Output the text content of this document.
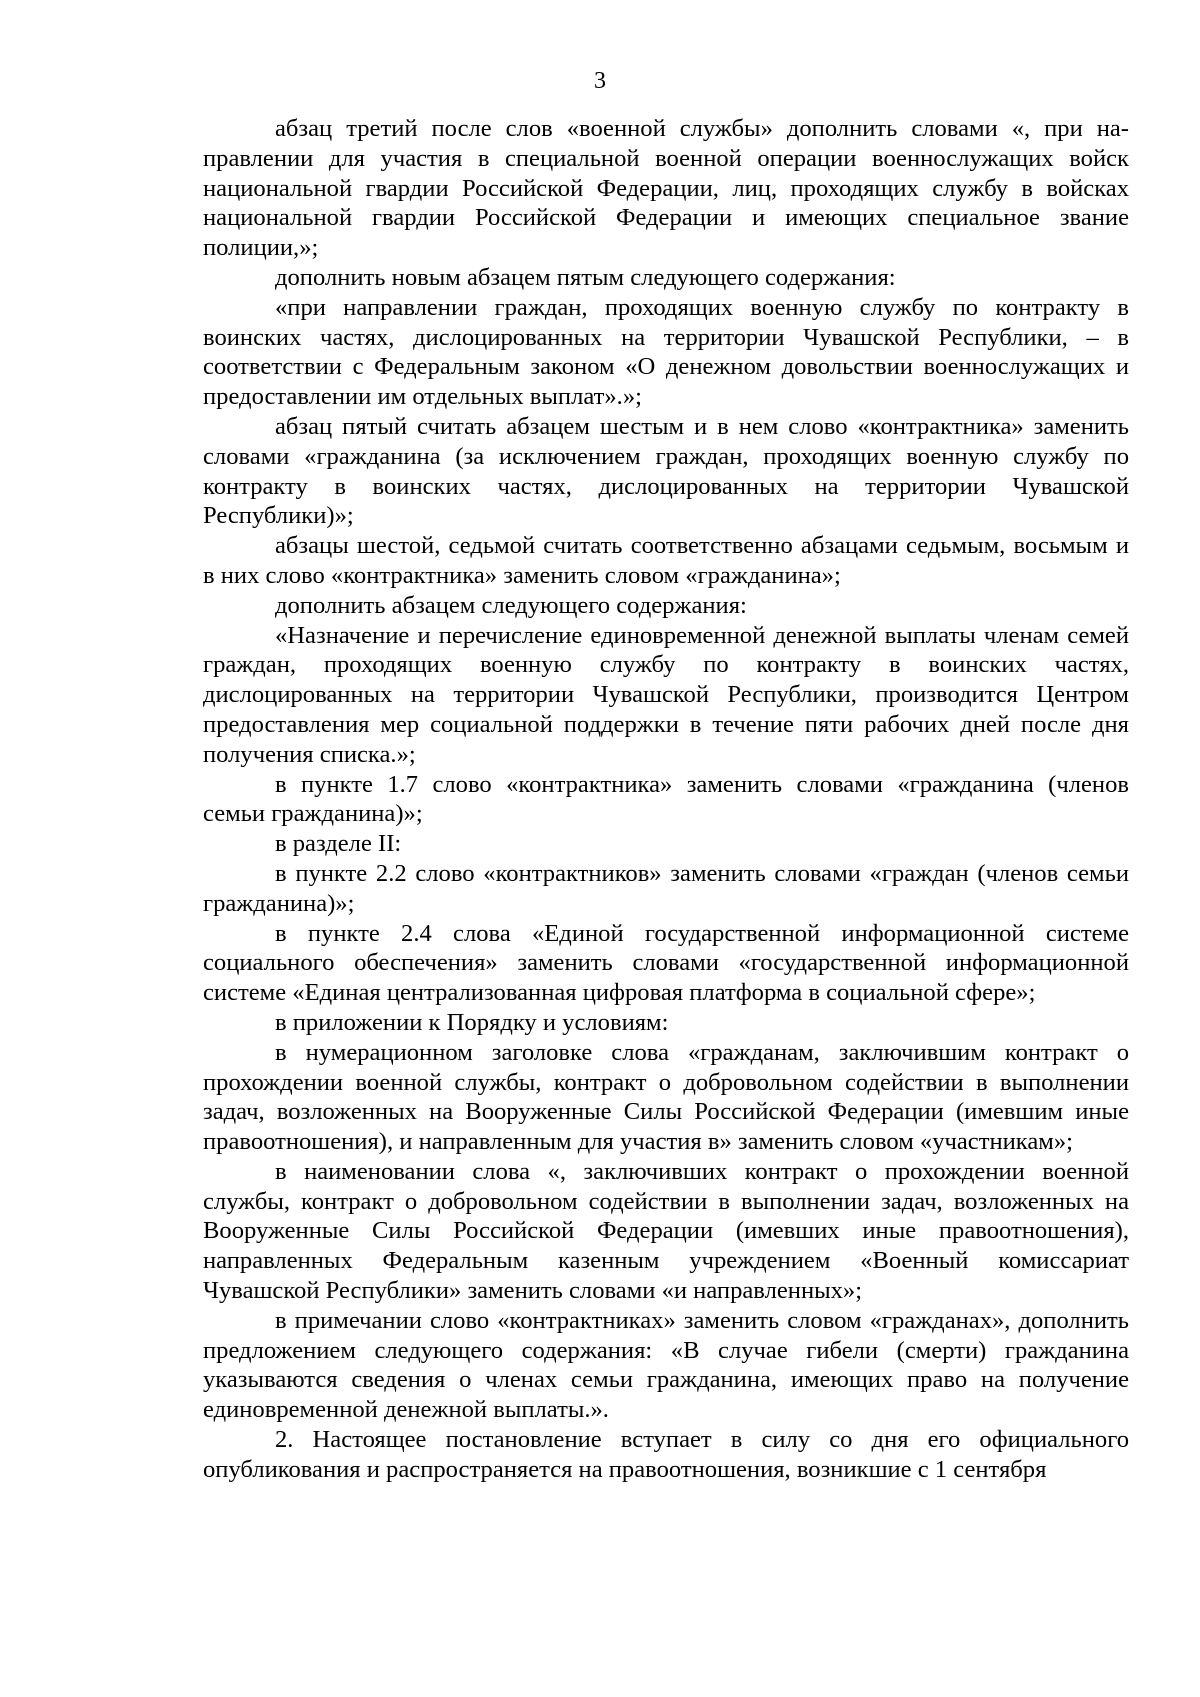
3

абзац третий после слов «военной службы» дополнить словами «, при направлении для участия в специальной военной операции военнослужащих войск национальной гвардии Российской Федерации, лиц, проходящих службу в войсках национальной гвардии Российской Федерации и имеющих специальное звание полиции,»;

дополнить новым абзацем пятым следующего содержания:

«при направлении граждан, проходящих военную службу по контракту в воинских частях, дислоцированных на территории Чувашской Республики, – в соответствии с Федеральным законом «О денежном довольствии военнослужащих и предоставлении им отдельных выплат».»;

абзац пятый считать абзацем шестым и в нем слово «контрактника» заменить словами «гражданина (за исключением граждан, проходящих военную службу по контракту в воинских частях, дислоцированных на территории Чувашской Республики)»;

абзацы шестой, седьмой считать соответственно абзацами седьмым, восьмым и в них слово «контрактника» заменить словом «гражданина»;

дополнить абзацем следующего содержания:

«Назначение и перечисление единовременной денежной выплаты членам семей граждан, проходящих военную службу по контракту в воинских частях, дислоцированных на территории Чувашской Республики, производится Центром предоставления мер социальной поддержки в течение пяти рабочих дней после дня получения списка.»;

в пункте 1.7 слово «контрактника» заменить словами «гражданина (членов семьи гражданина)»;

в разделе II:

в пункте 2.2 слово «контрактников» заменить словами «граждан (членов семьи гражданина)»;

в пункте 2.4 слова «Единой государственной информационной системе социального обеспечения» заменить словами «государственной информационной системе «Единая централизованная цифровая платформа в социальной сфере»;

в приложении к Порядку и условиям:

в нумерационном заголовке слова «гражданам, заключившим контракт о прохождении военной службы, контракт о добровольном содействии в выполнении задач, возложенных на Вооруженные Силы Российской Федерации (имевшим иные правоотношения), и направленным для участия в» заменить словом «участникам»;

в наименовании слова «, заключивших контракт о прохождении военной службы, контракт о добровольном содействии в выполнении задач, возложенных на Вооруженные Силы Российской Федерации (имевших иные правоотношения), направленных Федеральным казенным учреждением «Военный комиссариат Чувашской Республики» заменить словами «и направленных»;

в примечании слово «контрактниках» заменить словом «гражданах», дополнить предложением следующего содержания: «В случае гибели (смерти) гражданина указываются сведения о членах семьи гражданина, имеющих право на получение единовременной денежной выплаты.».

2. Настоящее постановление вступает в силу со дня его официального опубликования и распространяется на правоотношения, возникшие с 1 сентября
